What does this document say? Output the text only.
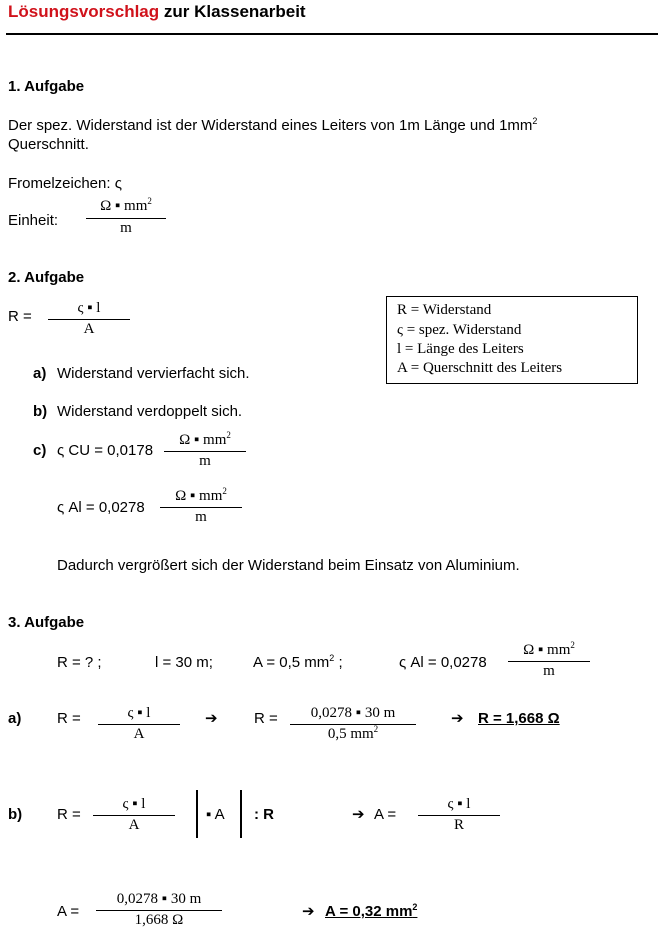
Lösungsvorschlag zur Klassenarbeit
1. Aufgabe
Der spez. Widerstand ist der Widerstand eines Leiters von 1m Länge und $1mm^2$
Querschnitt.
Fromelzeichen: ς
Einheit:
Ω ▪ $mm^2$
m
2. Aufgabe
R =	ς ▪ l
A
R = Widerstand
ς = spez. Widerstand
l = Länge des Leiters
A = Querschnitt des Leiters
a) Widerstand vervierfacht sich.
b) Widerstand verdoppelt sich.
c) ς CU = 0,0178
Ω ▪ $mm^2$
m
ς Al = 0,0278
Ω ▪ $mm^2$
m
Dadurch vergrößert sich der Widerstand beim Einsatz von Aluminium.
3. Aufgabe
R = ? ;	l = 30 m;	A = 0,5 $mm^2$ ;	ς Al = 0,0278
Ω ▪ $mm^2$
m
a) R =	ς ▪ l
A
➔ R =	0,0278 ▪ 30 m
0,5 $mm^2$
➔ R = 1,668 Ω
b) R =
ς ▪ l
A
▪ A : R	➔ A =
ς ▪ l
R
A =
0,0278 ▪ 30 m
1,668 Ω	➔ A = 0,32 $mm^2$
